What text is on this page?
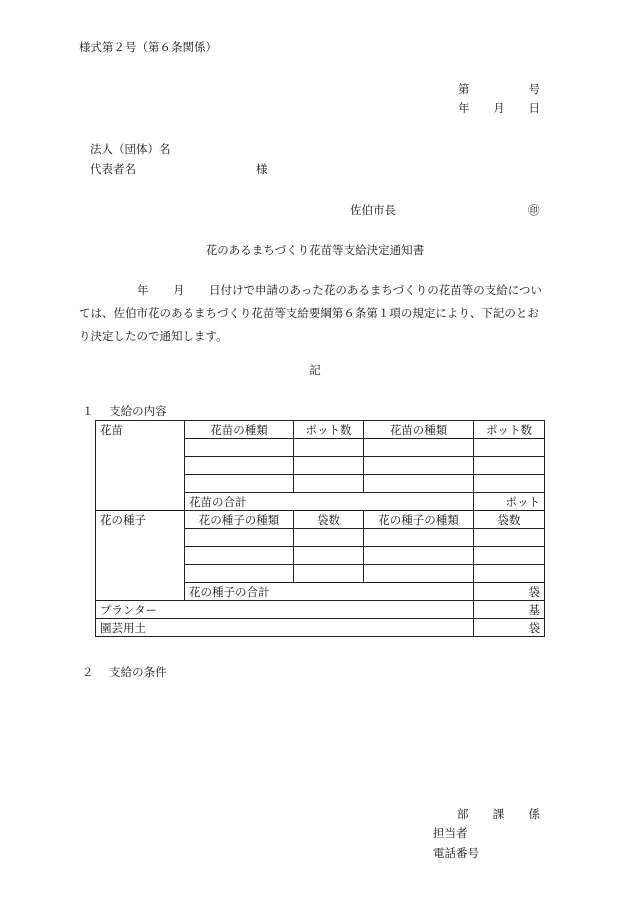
様式第２号（第６条関係）
第	号
年 月 日
法人（団体）名
代表者名	様
佐伯市長	㊞
花のあるまちづくり花苗等支給決定通知書
年 月 日付けで申請のあった花のあるまちづくりの花苗等の支給につい
ては、佐伯市花のあるまちづくり花苗等支給要綱第６条第１項の規定により、下記のとお
り決定したので通知します。
記
１ 支給の内容
花苗	花苗の種類	ポット数	花苗の種類	ポット数

	花苗の合計			ポット
花の種子	花の種子の種類	袋数	花の種子の種類	袋数

	花の種子の合計			袋
プランター				基
園芸用土				袋
２ 支給の条件
部 課 係
担当者
電話番号
